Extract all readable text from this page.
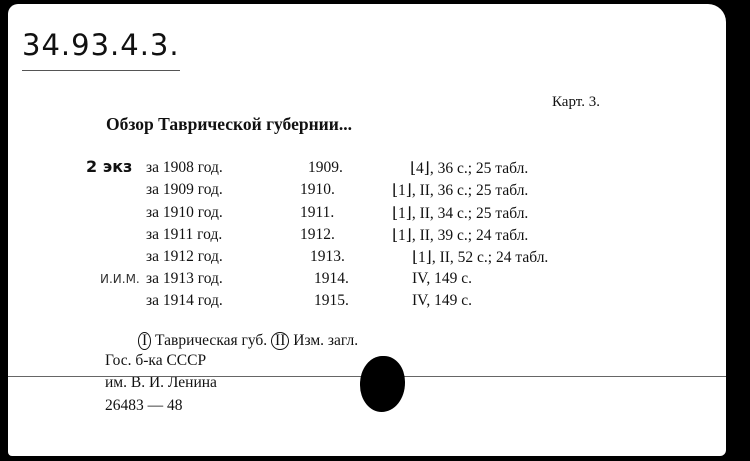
34.93.4.3.
Карт. 3.
Обзор Таврической губернии...
2 экз за 1908 год.	1909.	⌊4⌋, 36 с.; 25 табл.
за 1909 год.	1910.	⌊1⌋, II, 36 с.; 25 табл.
за 1910 год.	1911.	⌊1⌋, II, 34 с.; 25 табл.
за 1911 год.	1912.	⌊1⌋, II, 39 с.; 24 табл.
за 1912 год.	1913.	⌊1⌋, II, 52 с.; 24 табл.
И.И.М. за 1913 год.	1914.	IV, 149 с.
за 1914 год.	1915.	IV, 149 с.
I Таврическая губ. II Изм. загл.
Гос. б-ка СССР
им. В. И. Ленина
26483 — 48
